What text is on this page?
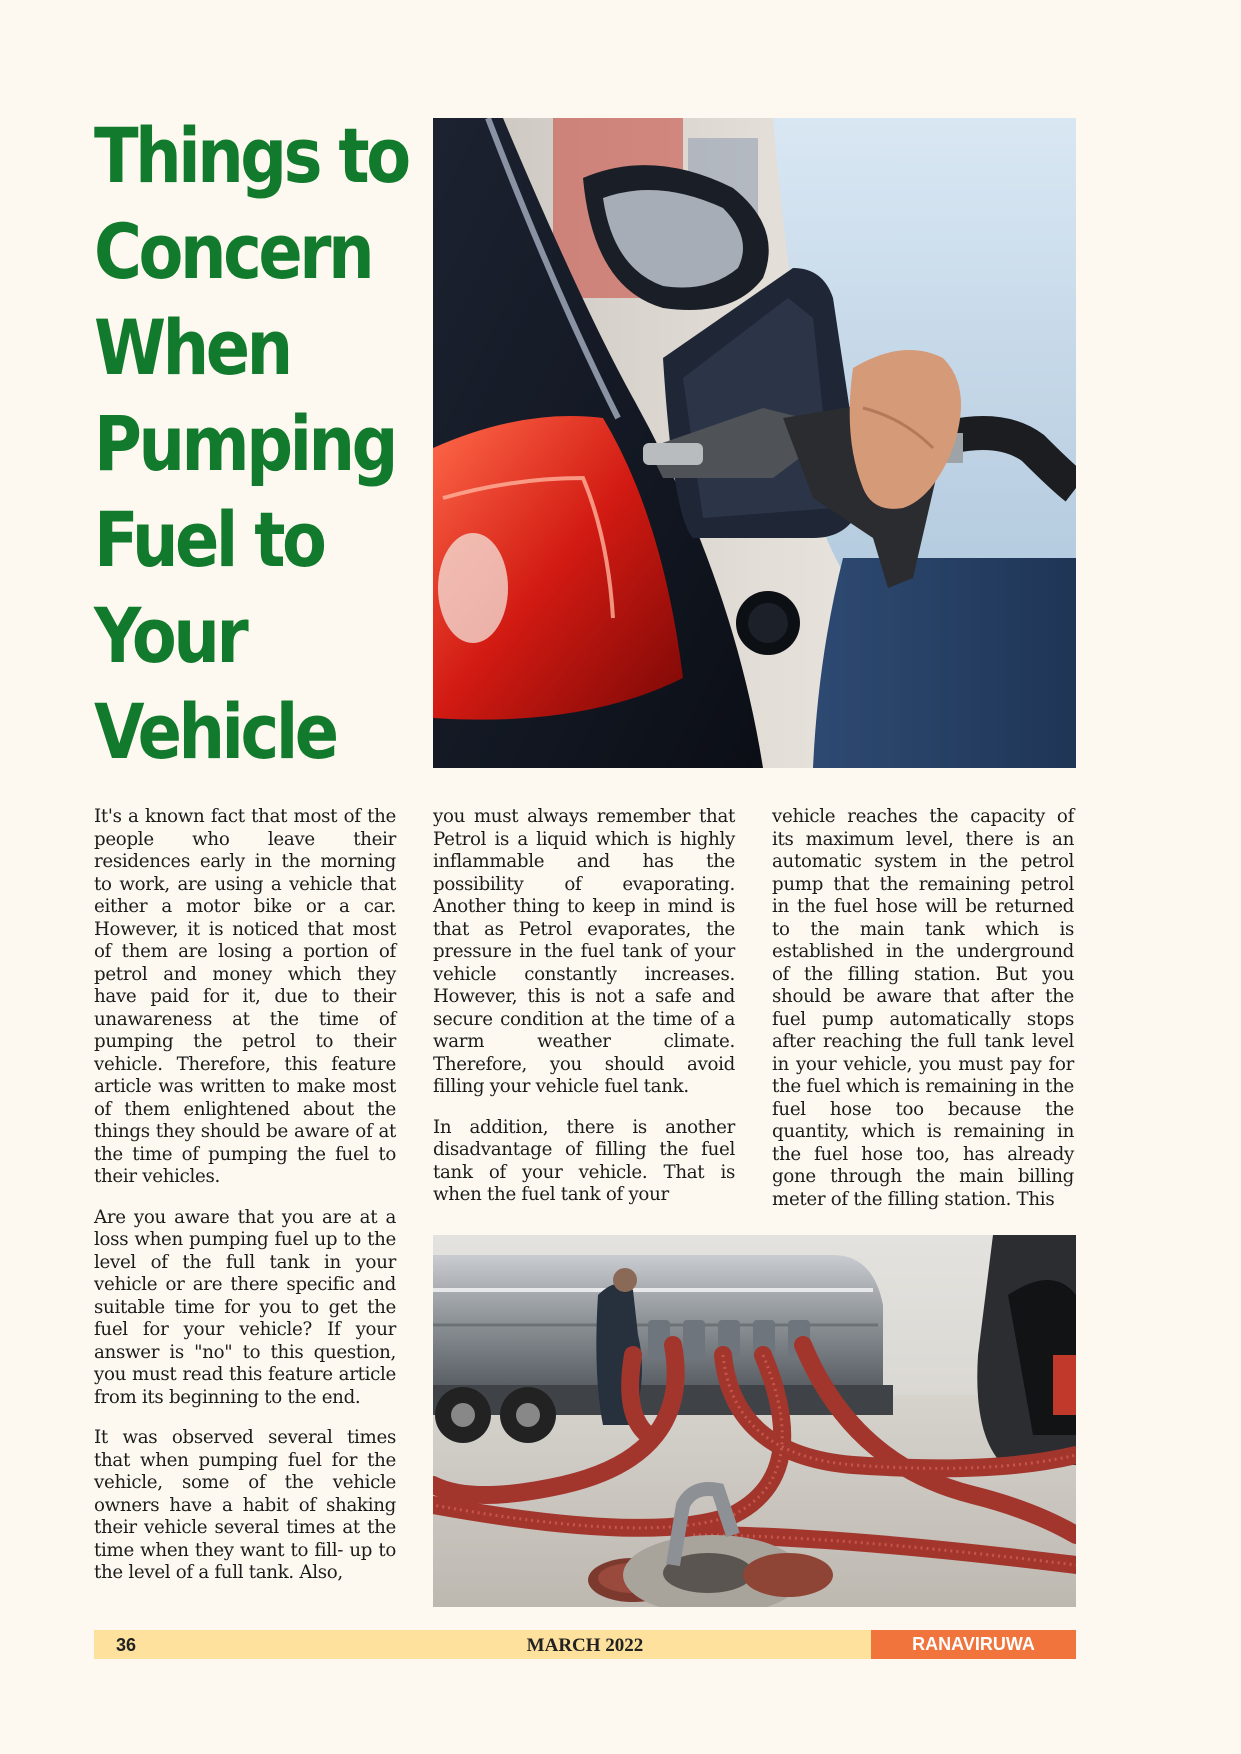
Things to
Concern
When
Pumping
Fuel to
Your
Vehicle

It's a known fact that most of the people who leave their residences early in the morning to work, are using a vehicle that either a motor bike or a car. However, it is noticed that most of them are losing a portion of petrol and money which they have paid for it, due to their unawareness at the time of pumping the petrol to their vehicle. Therefore, this feature article was written to make most of them enlightened about the things they should be aware of at the time of pumping the fuel to their vehicles.

Are you aware that you are at a loss when pumping fuel up to the level of the full tank in your vehicle or are there specific and suitable time for you to get the fuel for your vehicle? If your answer is "no" to this question, you must read this feature article from its beginning to the end.

It was observed several times that when pumping fuel for the vehicle, some of the vehicle owners have a habit of shaking their vehicle several times at the time when they want to fill- up to the level of a full tank. Also,

you must always remember that Petrol is a liquid which is highly inflammable and has the possibility of evaporating. Another thing to keep in mind is that as Petrol evaporates, the pressure in the fuel tank of your vehicle constantly increases. However, this is not a safe and secure condition at the time of a warm weather climate. Therefore, you should avoid filling your vehicle fuel tank.

In addition, there is another disadvantage of filling the fuel tank of your vehicle. That is when the fuel tank of your

vehicle reaches the capacity of its maximum level, there is an automatic system in the petrol pump that the remaining petrol in the fuel hose will be returned to the main tank which is established in the underground of the filling station. But you should be aware that after the fuel pump automatically stops after reaching the full tank level in your vehicle, you must pay for the fuel which is remaining in the fuel hose too because the quantity, which is remaining in the fuel hose too, has already gone through the main billing meter of the filling station. This

36	MARCH 2022	RANAVIRUWA
